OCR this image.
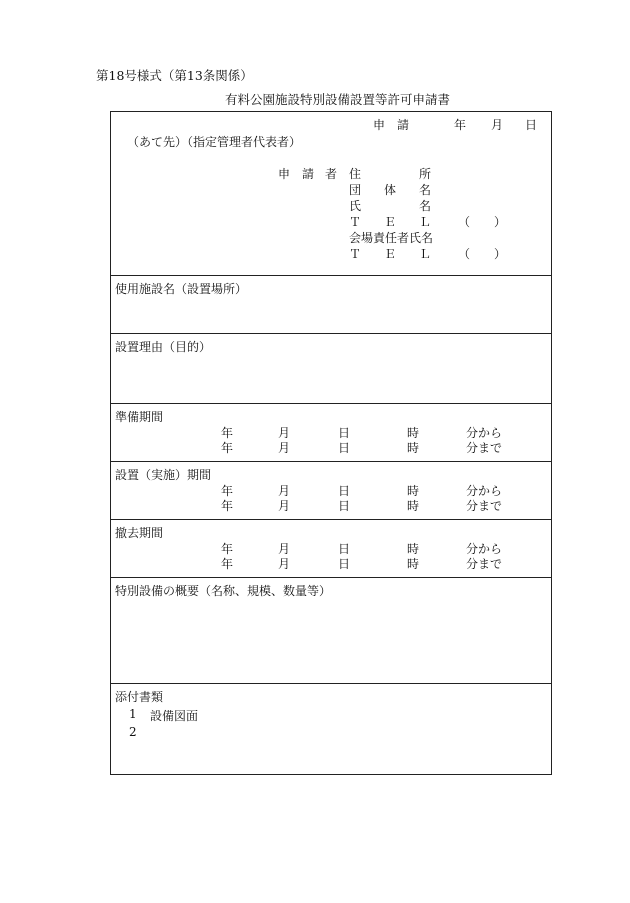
第18号様式（第13条関係）
有料公園施設特別設備設置等許可申請書
申 請	年 月 日
（あて先）（指定管理者代表者）
申 請 者 住	所
団 体 名
氏	名
Ｔ Ｅ Ｌ （　　）
会場責任者氏名
Ｔ Ｅ Ｌ （　　）
使用施設名（設置場所）
設置理由（目的）
準備期間
年	月	日	時	分から
年	月	日	時	分まで
設置（実施）期間
年	月	日	時	分から
年	月	日	時	分まで
撤去期間
年	月	日	時	分から
年	月	日	時	分まで
特別設備の概要（名称、規模、数量等）
添付書類
1 設備図面
2
